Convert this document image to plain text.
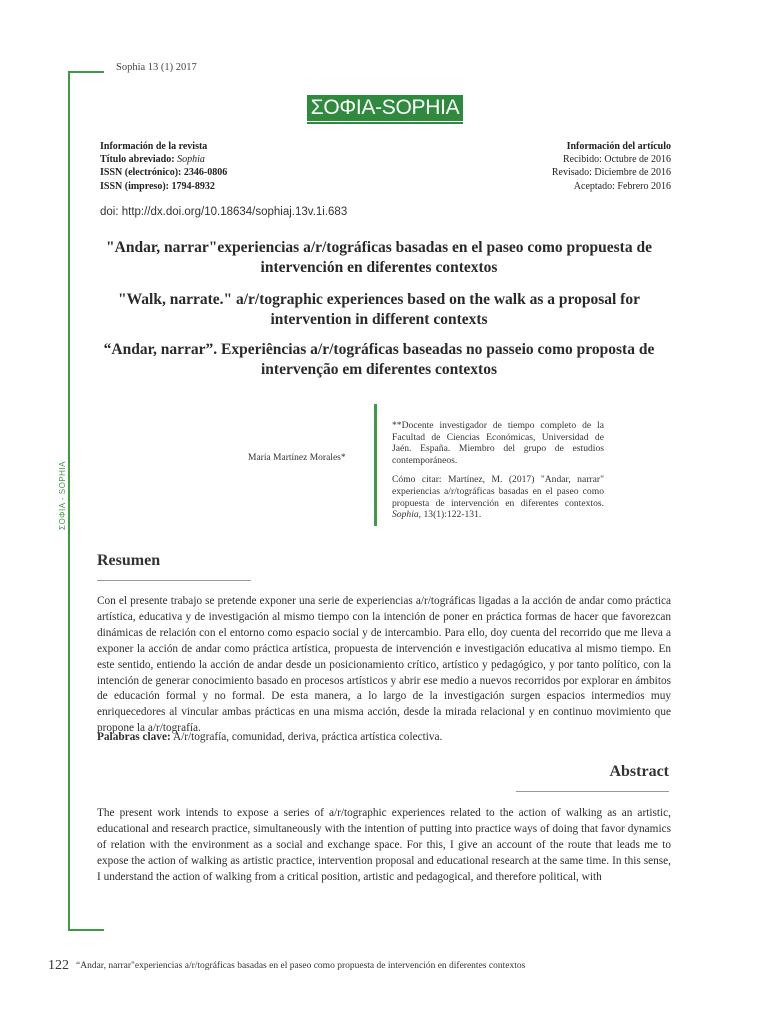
ΣΟΦΙΑ - SOPHIA
Sophia 13 (1) 2017
ΣΟΦΙΑ-SOPHIA
Información de la revista
Título abreviado: Sophia
ISSN (electrónico): 2346-0806
ISSN (impreso): 1794-8932
Información del artículo
Recibido: Octubre de 2016
Revisado: Diciembre de 2016
Aceptado: Febrero 2016
doi: http://dx.doi.org/10.18634/sophiaj.13v.1i.683
"Andar, narrar"experiencias a/r/tográficas basadas en el paseo como propuesta de intervención en diferentes contextos
"Walk, narrate." a/r/tographic experiences based on the walk as a proposal for intervention in different contexts
“Andar, narrar”. Experiências a/r/tográficas baseadas no passeio como proposta de intervenção em diferentes contextos
María Martínez Morales*

**Docente investigador de tiempo completo de la Facultad de Ciencias Económicas, Universidad de Jaén. España. Miembro del grupo de estudios contemporáneos.

Cómo citar: Martínez, M. (2017) "Andar, narrar" experiencias a/r/tográficas basadas en el paseo como propuesta de intervención en diferentes contextos. Sophia, 13(1):122-131.

Resumen
Con el presente trabajo se pretende exponer una serie de experiencias a/r/tográficas ligadas a la acción de andar como práctica artística, educativa y de investigación al mismo tiempo con la intención de poner en práctica formas de hacer que favorezcan dinámicas de relación con el entorno como espacio social y de intercambio. Para ello, doy cuenta del recorrido que me lleva a exponer la acción de andar como práctica artística, propuesta de intervención e investigación educativa al mismo tiempo. En este sentido, entiendo la acción de andar desde un posicionamiento crítico, artístico y pedagógico, y por tanto político, con la intención de generar conocimiento basado en procesos artísticos y abrir ese medio a nuevos recorridos por explorar en ámbitos de educación formal y no formal. De esta manera, a lo largo de la investigación surgen espacios intermedios muy enriquecedores al vincular ambas prácticas en una misma acción, desde la mirada relacional y en continuo movimiento que propone la a/r/tografía.
Palabras clave: A/r/tografía, comunidad, deriva, práctica artística colectiva.
Abstract
The present work intends to expose a series of a/r/tographic experiences related to the action of walking as an artistic, educational and research practice, simultaneously with the intention of putting into practice ways of doing that favor dynamics of relation with the environment as a social and exchange space. For this, I give an account of the route that leads me to expose the action of walking as artistic practice, intervention proposal and educational research at the same time. In this sense, I understand the action of walking from a critical position, artistic and pedagogical, and therefore political, with
122 “Andar, narrar"experiencias a/r/tográficas basadas en el paseo como propuesta de intervención en diferentes contextos
